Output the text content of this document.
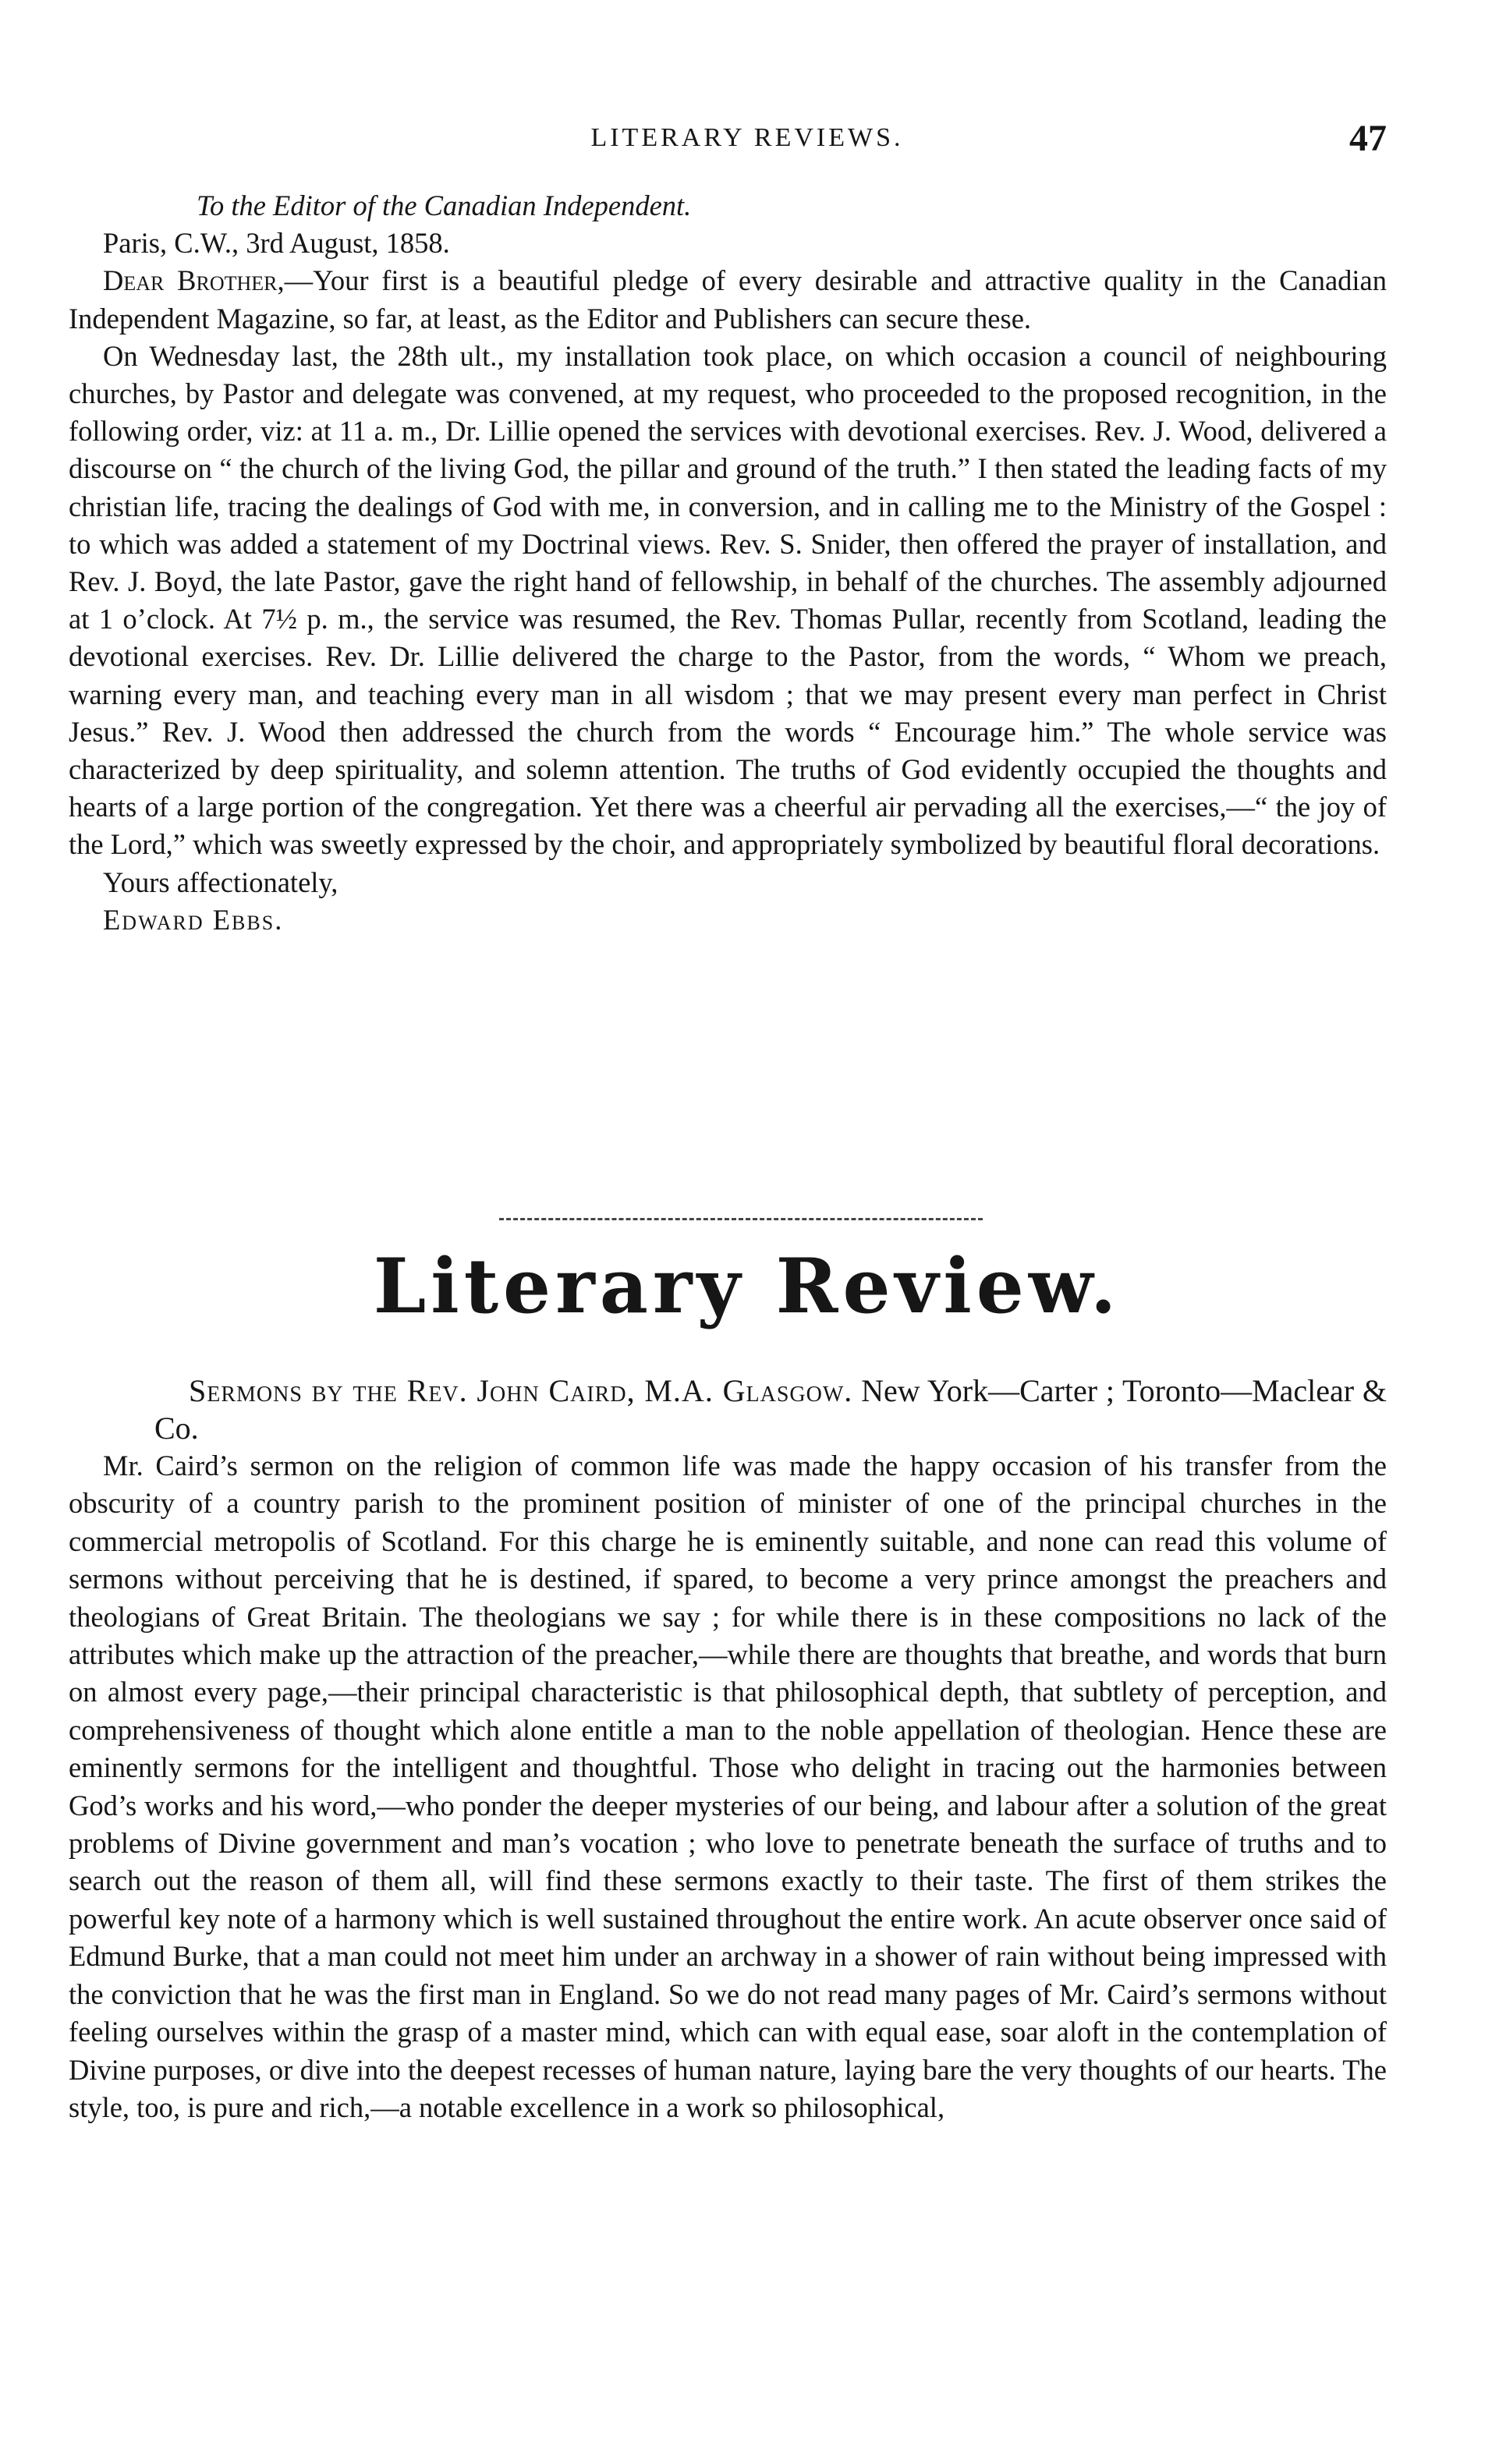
LITERARY REVIEWS.	47

To the Editor of the Canadian Independent.

Paris, C.W., 3rd August, 1858.

Dear Brother,—Your first is a beautiful pledge of every desirable and attractive quality in the Canadian Independent Magazine, so far, at least, as the Editor and Publishers can secure these.

On Wednesday last, the 28th ult., my installation took place, on which occasion a council of neighbouring churches, by Pastor and delegate was convened, at my request, who proceeded to the proposed recognition, in the following order, viz: at 11 a. m., Dr. Lillie opened the services with devotional exercises. Rev. J. Wood, delivered a discourse on “ the church of the living God, the pillar and ground of the truth.” I then stated the leading facts of my christian life, tracing the dealings of God with me, in conversion, and in calling me to the Ministry of the Gospel : to which was added a statement of my Doctrinal views. Rev. S. Snider, then offered the prayer of installation, and Rev. J. Boyd, the late Pastor, gave the right hand of fellowship, in behalf of the churches. The assembly adjourned at 1 o’clock. At 7½ p. m., the service was resumed, the Rev. Thomas Pullar, recently from Scotland, leading the devotional exercises. Rev. Dr. Lillie delivered the charge to the Pastor, from the words, “ Whom we preach, warning every man, and teaching every man in all wisdom ; that we may present every man perfect in Christ Jesus.” Rev. J. Wood then addressed the church from the words “ Encourage him.” The whole service was characterized by deep spirituality, and solemn attention. The truths of God evidently occupied the thoughts and hearts of a large portion of the congregation. Yet there was a cheerful air pervading all the exercises,—“ the joy of the Lord,” which was sweetly expressed by the choir, and appropriately symbolized by beautiful floral decorations.

Yours affectionately,

Edward Ebbs.

Literary Review.

Sermons by the Rev. John Caird, M.A. Glasgow. New York—Carter ; Toronto—Maclear & Co.

Mr. Caird’s sermon on the religion of common life was made the happy occasion of his transfer from the obscurity of a country parish to the prominent position of minister of one of the principal churches in the commercial metropolis of Scotland. For this charge he is eminently suitable, and none can read this volume of sermons without perceiving that he is destined, if spared, to become a very prince amongst the preachers and theologians of Great Britain. The theologians we say ; for while there is in these compositions no lack of the attributes which make up the attraction of the preacher,—while there are thoughts that breathe, and words that burn on almost every page,—their principal characteristic is that philosophical depth, that subtlety of perception, and comprehensiveness of thought which alone entitle a man to the noble appellation of theologian. Hence these are eminently sermons for the intelligent and thoughtful. Those who delight in tracing out the harmonies between God’s works and his word,—who ponder the deeper mysteries of our being, and labour after a solution of the great problems of Divine government and man’s vocation ; who love to penetrate beneath the surface of truths and to search out the reason of them all, will find these sermons exactly to their taste. The first of them strikes the powerful key note of a harmony which is well sustained throughout the entire work. An acute observer once said of Edmund Burke, that a man could not meet him under an archway in a shower of rain without being impressed with the conviction that he was the first man in England. So we do not read many pages of Mr. Caird’s sermons without feeling ourselves within the grasp of a master mind, which can with equal ease, soar aloft in the contemplation of Divine purposes, or dive into the deepest recesses of human nature, laying bare the very thoughts of our hearts. The style, too, is pure and rich,—a notable excellence in a work so philosophical,
